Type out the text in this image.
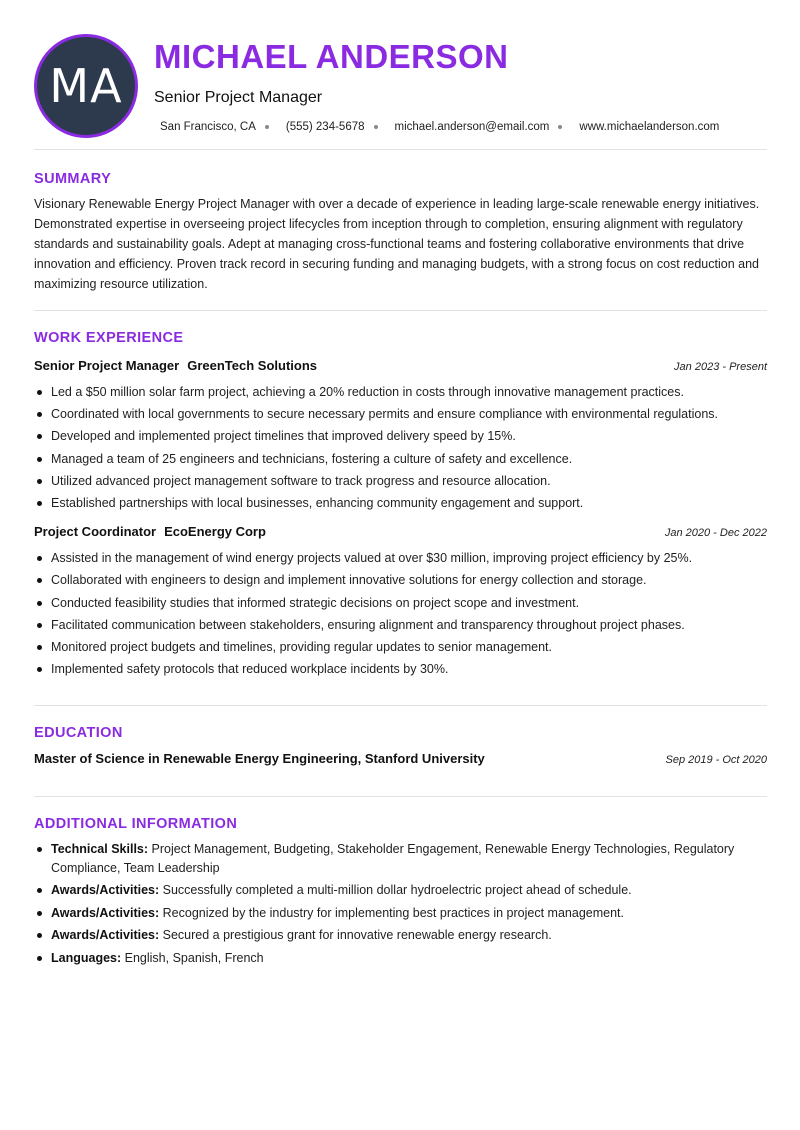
MA
MICHAEL ANDERSON
Senior Project Manager
San Francisco, CA	(555) 234-5678	michael.anderson@email.com	www.michaelanderson.com
SUMMARY

Visionary Renewable Energy Project Manager with over a decade of experience in leading large-scale renewable energy initiatives. Demonstrated expertise in overseeing project lifecycles from inception through to completion, ensuring alignment with regulatory standards and sustainability goals. Adept at managing cross-functional teams and fostering collaborative environments that drive innovation and efficiency. Proven track record in securing funding and managing budgets, with a strong focus on cost reduction and maximizing resource utilization.

WORK EXPERIENCE
Senior Project Manager GreenTech Solutions	Jan 2023 - Present
Led a $50 million solar farm project, achieving a 20% reduction in costs through innovative management practices.
Coordinated with local governments to secure necessary permits and ensure compliance with environmental regulations.
Developed and implemented project timelines that improved delivery speed by 15%.
Managed a team of 25 engineers and technicians, fostering a culture of safety and excellence.
Utilized advanced project management software to track progress and resource allocation.
Established partnerships with local businesses, enhancing community engagement and support.
Project Coordinator EcoEnergy Corp	Jan 2020 - Dec 2022
Assisted in the management of wind energy projects valued at over $30 million, improving project efficiency by 25%.
Collaborated with engineers to design and implement innovative solutions for energy collection and storage.
Conducted feasibility studies that informed strategic decisions on project scope and investment.
Facilitated communication between stakeholders, ensuring alignment and transparency throughout project phases.
Monitored project budgets and timelines, providing regular updates to senior management.
Implemented safety protocols that reduced workplace incidents by 30%.
EDUCATION
Master of Science in Renewable Energy Engineering, Stanford University	Sep 2019 - Oct 2020
ADDITIONAL INFORMATION
Technical Skills: Project Management, Budgeting, Stakeholder Engagement, Renewable Energy Technologies, Regulatory Compliance, Team Leadership
Awards/Activities: Successfully completed a multi-million dollar hydroelectric project ahead of schedule.
Awards/Activities: Recognized by the industry for implementing best practices in project management.
Awards/Activities: Secured a prestigious grant for innovative renewable energy research.
Languages: English , Spanish , French
